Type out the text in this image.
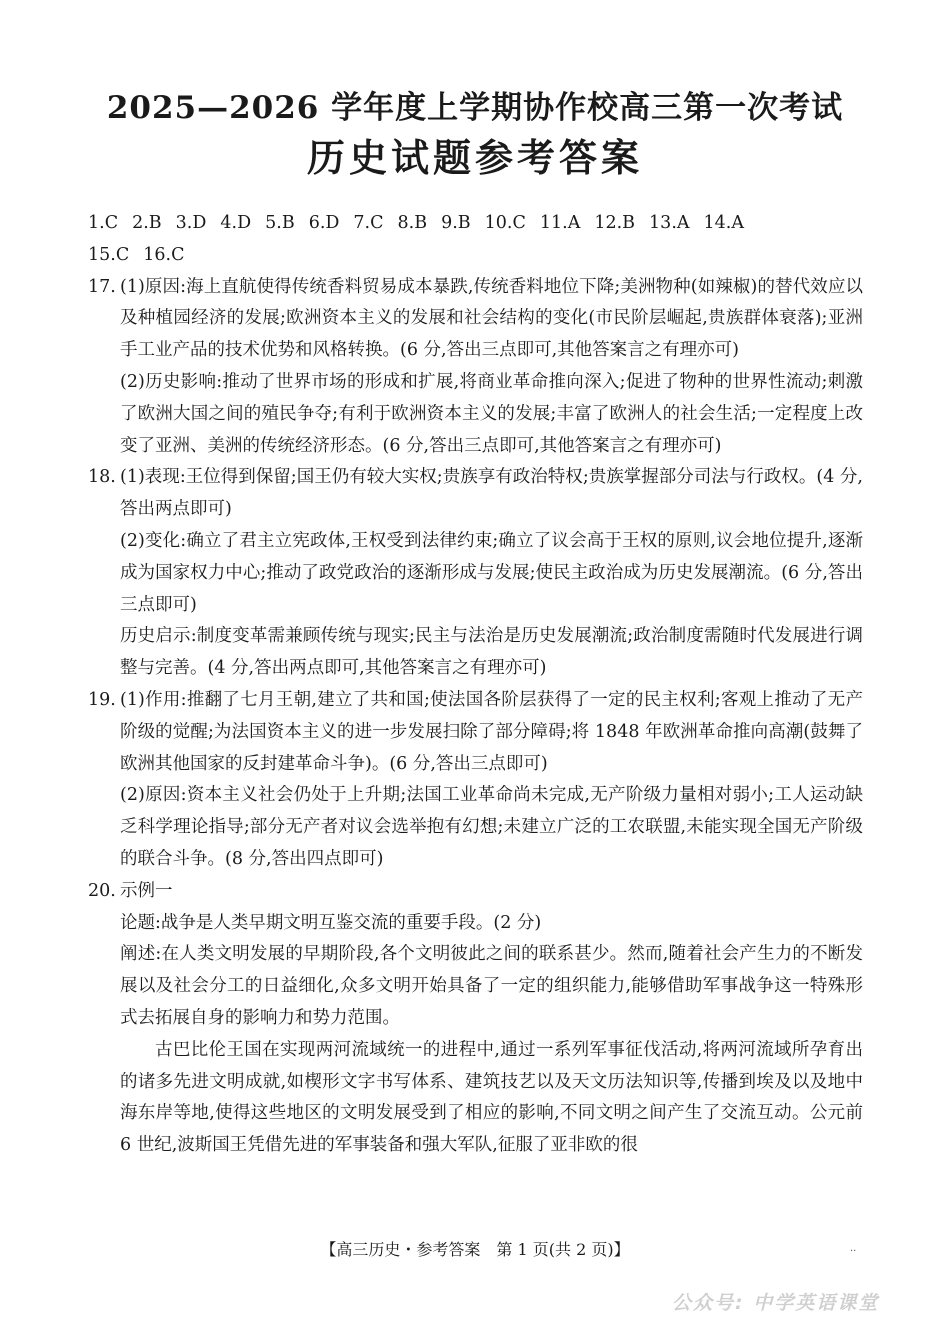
2025—2026 学年度上学期协作校高三第一次考试
历史试题参考答案
1.C 2.B 3.D 4.D 5.B 6.D 7.C 8.B 9.B 10.C 11.A 12.B 13.A 14.A
15.C 16.C
17. (1)原因:海上直航使得传统香料贸易成本暴跌,传统香料地位下降;美洲物种(如辣椒)的替代效应以及种植园经济的发展;欧洲资本主义的发展和社会结构的变化(市民阶层崛起,贵族群体衰落);亚洲手工业产品的技术优势和风格转换。(6 分,答出三点即可,其他答案言之有理亦可)

(2)历史影响:推动了世界市场的形成和扩展,将商业革命推向深入;促进了物种的世界性流动;刺激了欧洲大国之间的殖民争夺;有利于欧洲资本主义的发展;丰富了欧洲人的社会生活;一定程度上改变了亚洲、美洲的传统经济形态。(6 分,答出三点即可,其他答案言之有理亦可)

18. (1)表现:王位得到保留;国王仍有较大实权;贵族享有政治特权;贵族掌握部分司法与行政权。(4 分,答出两点即可)

(2)变化:确立了君主立宪政体,王权受到法律约束;确立了议会高于王权的原则,议会地位提升,逐渐成为国家权力中心;推动了政党政治的逐渐形成与发展;使民主政治成为历史发展潮流。(6 分,答出三点即可)

历史启示:制度变革需兼顾传统与现实;民主与法治是历史发展潮流;政治制度需随时代发展进行调整与完善。(4 分,答出两点即可,其他答案言之有理亦可)

19. (1)作用:推翻了七月王朝,建立了共和国;使法国各阶层获得了一定的民主权利;客观上推动了无产阶级的觉醒;为法国资本主义的进一步发展扫除了部分障碍;将 1848 年欧洲革命推向高潮(鼓舞了欧洲其他国家的反封建革命斗争)。(6 分,答出三点即可)

(2)原因:资本主义社会仍处于上升期;法国工业革命尚未完成,无产阶级力量相对弱小;工人运动缺乏科学理论指导;部分无产者对议会选举抱有幻想;未建立广泛的工农联盟,未能实现全国无产阶级的联合斗争。(8 分,答出四点即可)

20. 示例一

论题:战争是人类早期文明互鉴交流的重要手段。(2 分)

阐述:在人类文明发展的早期阶段,各个文明彼此之间的联系甚少。然而,随着社会产生力的不断发展以及社会分工的日益细化,众多文明开始具备了一定的组织能力,能够借助军事战争这一特殊形式去拓展自身的影响力和势力范围。

古巴比伦王国在实现两河流域统一的进程中,通过一系列军事征伐活动,将两河流域所孕育出的诸多先进文明成就,如楔形文字书写体系、建筑技艺以及天文历法知识等,传播到埃及以及地中海东岸等地,使得这些地区的文明发展受到了相应的影响,不同文明之间产生了交流互动。公元前 6 世纪,波斯国王凭借先进的军事装备和强大军队,征服了亚非欧的很

【高三历史・参考答案　第 1 页(共 2 页)】	··
公众号: 中学英语课堂
